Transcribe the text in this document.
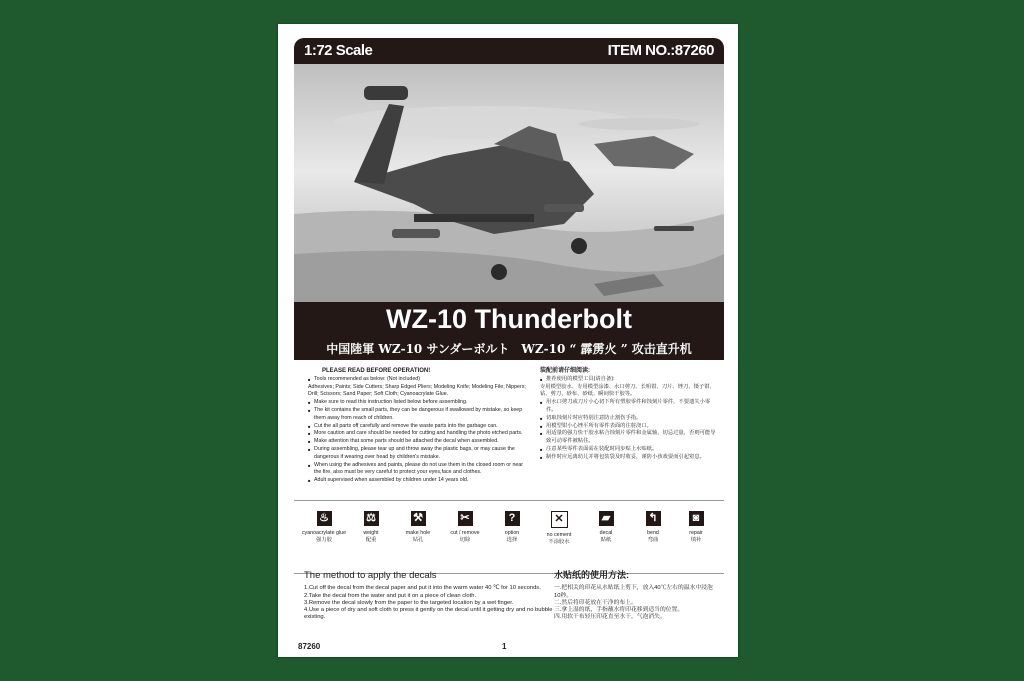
1:72 Scale	ITEM NO.:87260
WZ-10 Thunderbolt
中国陸軍 WZ-10 サンダーボルト　WZ-10 “ 霹雳火 ” 攻击直升机
PLEASE READ BEFORE OPERATION!
■ Tools recommended as below: (Not included)
Adhesives; Paints; Side Cutters; Sharp Edged Pliers; Modeling Knife; Modeling File; Nippers; Drill; Scissors; Sand Paper; Soft Cloth; Cyanoacrylate Glue.
■ Make sure to read this instruction listed below before assembling.
■ The kit contains the small parts, they can be dangerous if swallowed by mistake, so keep them away from reach of children.
■ Cut the all parts off carefully and remove the waste parts into the garbage can.
■ More caution and care should be needed for cutting and handling the photo etched parts.
■ Make attention that some parts should be attached the decal when assembled.
■ During assembling, please tear up and throw away the plastic bags, or may cause the dangerous if wearing over head by children's mistake.
■ When using the adhesives and paints, please do not use them in the closed room or near the fire, also must be very careful to protect your eyes,face and clothes.
■ Adult supervised when assembled by children under 14 years old.
装配前请仔细阅读:
■ 推荐使用的模型工具(请自备):
专用模型胶水、专用模型涂漆、水口剪刀、长咀钳、刀片、锉刀、镊子钳、钻、剪刀、砂布、砂纸、瞬间快干胶等。
■ 用水口剪刀或刀片小心切下所有塑胶零件和蚀刻片零件，不要遗失小零件。
■ 切取蚀刻片时应特别注意防止割伤手指。
■ 用模型钳小心锉平所有零件表面的注射浇口。
■ 用适量的强力快干胶水粘合蚀刻片零件和金属轴，切忌过量，否则可能导致可动零件被粘住。
■ 注意某些零件表面需在装配时同步贴上水贴纸。
■ 制作时应远离幼儿并将包装袋及时收妥，谨防小孩戏耍而引起窒息。
♨
cyanoacrylate glue
强力胶
⚖
weight
配重
⚒
make hole
钻孔
✂
cut / remove
切除
?
option
选择
✕
no cement
不涂胶水
▰
decal
贴纸
↰
bend
弯曲
◙
repair
填补
The method to apply the decals
1.Cut off the decal from the decal paper and put it into the warm water 40 ℃ for 10 seconds.
2.Take the decal from the water and put it on a piece of clean cloth.
3.Remove the decal slowly from the paper to the targeted location by a wet finger.
4.Use a piece of dry and soft cloth to press it gently on the decal until it getting dry and no bubble existing.
水贴纸的使用方法:
一.把相关的印花从水贴纸上剪下，放入40℃左右的温水中浸泡10秒。
二.然后将印花放在干净的布上。
三.拿上湿的纸，手指蘸水将印花移到适当的位置。
四.用软干布轻压印花直至水干，气泡消失。
87260	1
